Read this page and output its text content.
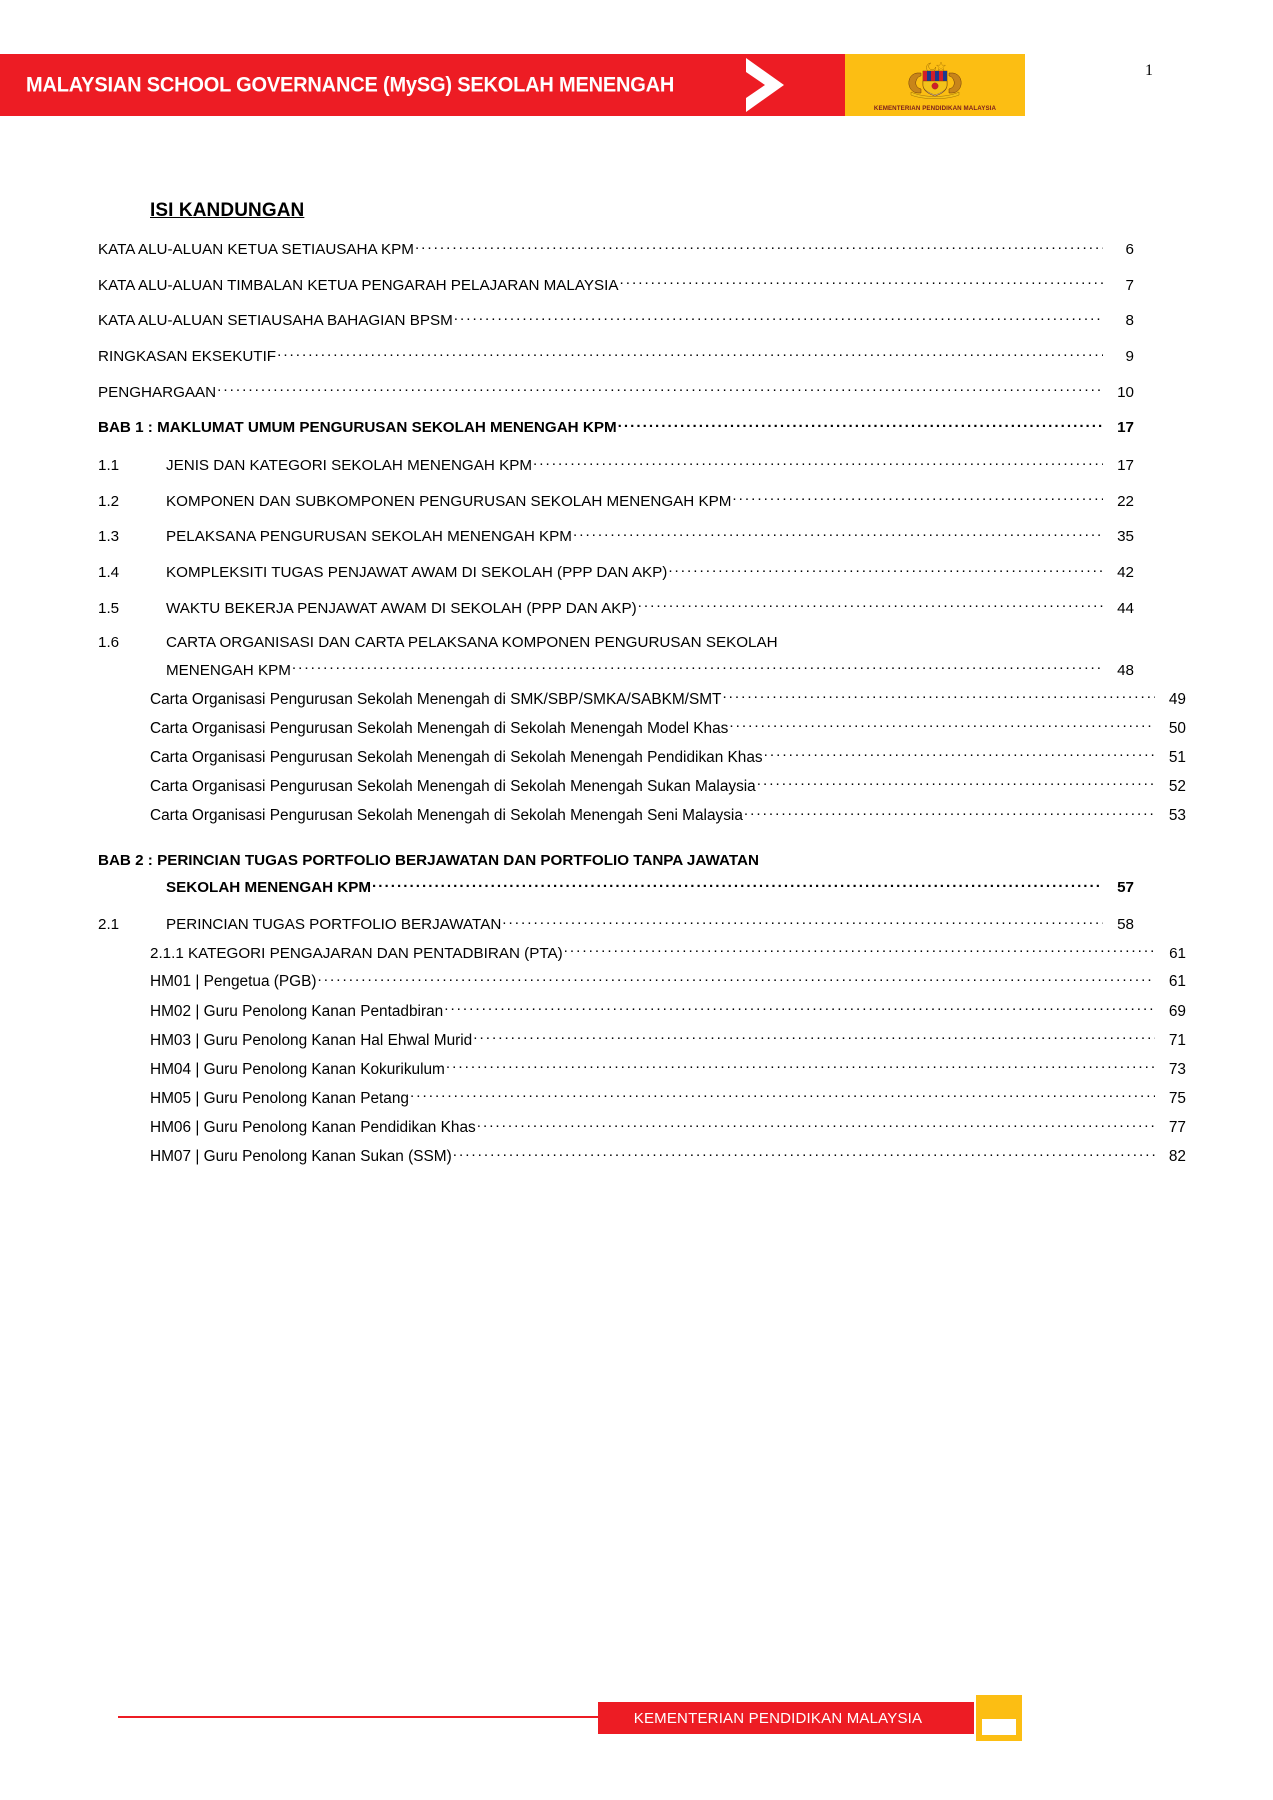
MALAYSIAN SCHOOL GOVERNANCE (MySG) SEKOLAH MENENGAH
KEMENTERIAN PENDIDIKAN MALAYSIA
1
ISI KANDUNGAN
KATA ALU-ALUAN KETUA SETIAUSAHA KPM . . .	6
KATA ALU-ALUAN TIMBALAN KETUA PENGARAH PELAJARAN MALAYSIA . . .	7
KATA ALU-ALUAN SETIAUSAHA BAHAGIAN BPSM . . .	8
RINGKASAN EKSEKUTIF . . .	9
PENGHARGAAN . . .	10
BAB 1 : MAKLUMAT UMUM PENGURUSAN SEKOLAH MENENGAH KPM . . .	17
1.1	JENIS DAN KATEGORI SEKOLAH MENENGAH KPM . . .	17
1.2	KOMPONEN DAN SUBKOMPONEN PENGURUSAN SEKOLAH MENENGAH KPM . . .	22
1.3	PELAKSANA PENGURUSAN SEKOLAH MENENGAH KPM . . .	35
1.4	KOMPLEKSITI TUGAS PENJAWAT AWAM DI SEKOLAH (PPP DAN AKP) . . .	42
1.5	WAKTU BEKERJA PENJAWAT AWAM DI SEKOLAH (PPP DAN AKP) . . .	44
1.6	CARTA ORGANISASI DAN CARTA PELAKSANA KOMPONEN PENGURUSAN SEKOLAH
MENENGAH KPM . . .	48
Carta Organisasi Pengurusan Sekolah Menengah di SMK/SBP/SMKA/SABKM/SMT . . .	49
Carta Organisasi Pengurusan Sekolah Menengah di Sekolah Menengah Model Khas . . .	50
Carta Organisasi Pengurusan Sekolah Menengah di Sekolah Menengah Pendidikan Khas . . .	51
Carta Organisasi Pengurusan Sekolah Menengah di Sekolah Menengah Sukan Malaysia . . .	52
Carta Organisasi Pengurusan Sekolah Menengah di Sekolah Menengah Seni Malaysia . . .	53
BAB 2 : PERINCIAN TUGAS PORTFOLIO BERJAWATAN DAN PORTFOLIO TANPA JAWATAN
SEKOLAH MENENGAH KPM . . .	57
2.1	PERINCIAN TUGAS PORTFOLIO BERJAWATAN . . .	58
2.1.1 KATEGORI PENGAJARAN DAN PENTADBIRAN (PTA) . . .	61
HM01 | Pengetua (PGB) . . .	61
HM02 | Guru Penolong Kanan Pentadbiran . . .	69
HM03 | Guru Penolong Kanan Hal Ehwal Murid . . .	71
HM04 | Guru Penolong Kanan Kokurikulum . . .	73
HM05 | Guru Penolong Kanan Petang . . .	75
HM06 | Guru Penolong Kanan Pendidikan Khas . . .	77
HM07 | Guru Penolong Kanan Sukan (SSM) . . .	82
KEMENTERIAN PENDIDIKAN MALAYSIA
